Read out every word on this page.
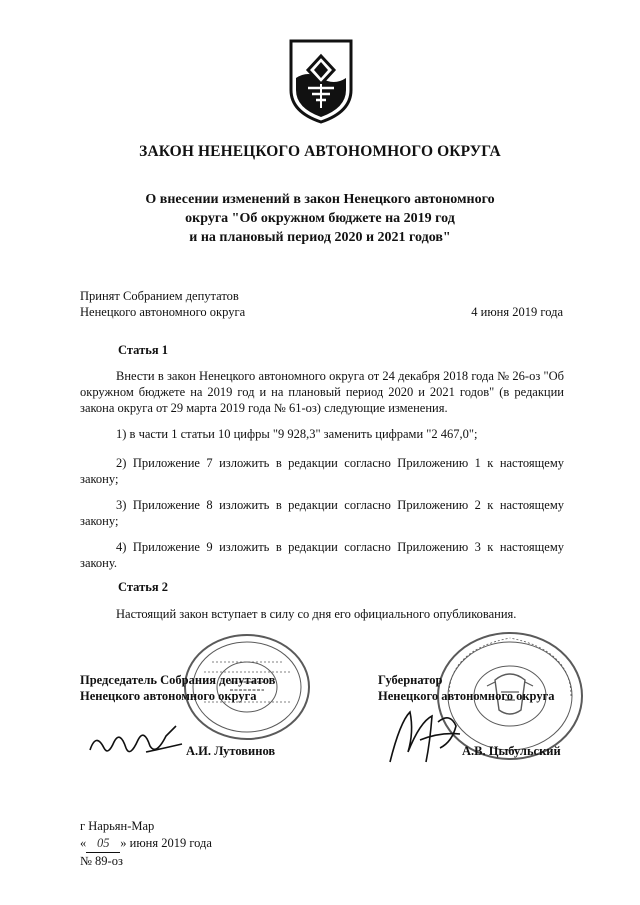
ЗАКОН НЕНЕЦКОГО АВТОНОМНОГО ОКРУГА
О внесении изменений в закон Ненецкого автономного
округа "Об окружном бюджете на 2019 год
и на плановый период 2020 и 2021 годов"
Принят Собранием депутатов
Ненецкого автономного округа	4 июня 2019 года
Статья 1
Внести в закон Ненецкого автономного округа от 24 декабря 2018 года № 26-оз "Об окружном бюджете на 2019 год и на плановый период 2020 и 2021 годов" (в редакции закона округа от 29 марта 2019 года № 61-оз) следующие изменения.
1) в части 1 статьи 10 цифры "9 928,3" заменить цифрами "2 467,0";
2) Приложение 7 изложить в редакции согласно Приложению 1 к настоящему закону;
3) Приложение 8 изложить в редакции согласно Приложению 2 к настоящему закону;
4) Приложение 9 изложить в редакции согласно Приложению 3 к настоящему закону.
Статья 2
Настоящий закон вступает в силу со дня его официального опубликования.
Председатель Собрания депутатов
Ненецкого автономного округа
А.И. Лутовинов
Губернатор
Ненецкого автономного округа
А.В. Цыбульский
г Нарьян-Мар
« 05 » июня 2019 года
№ 89-оз
